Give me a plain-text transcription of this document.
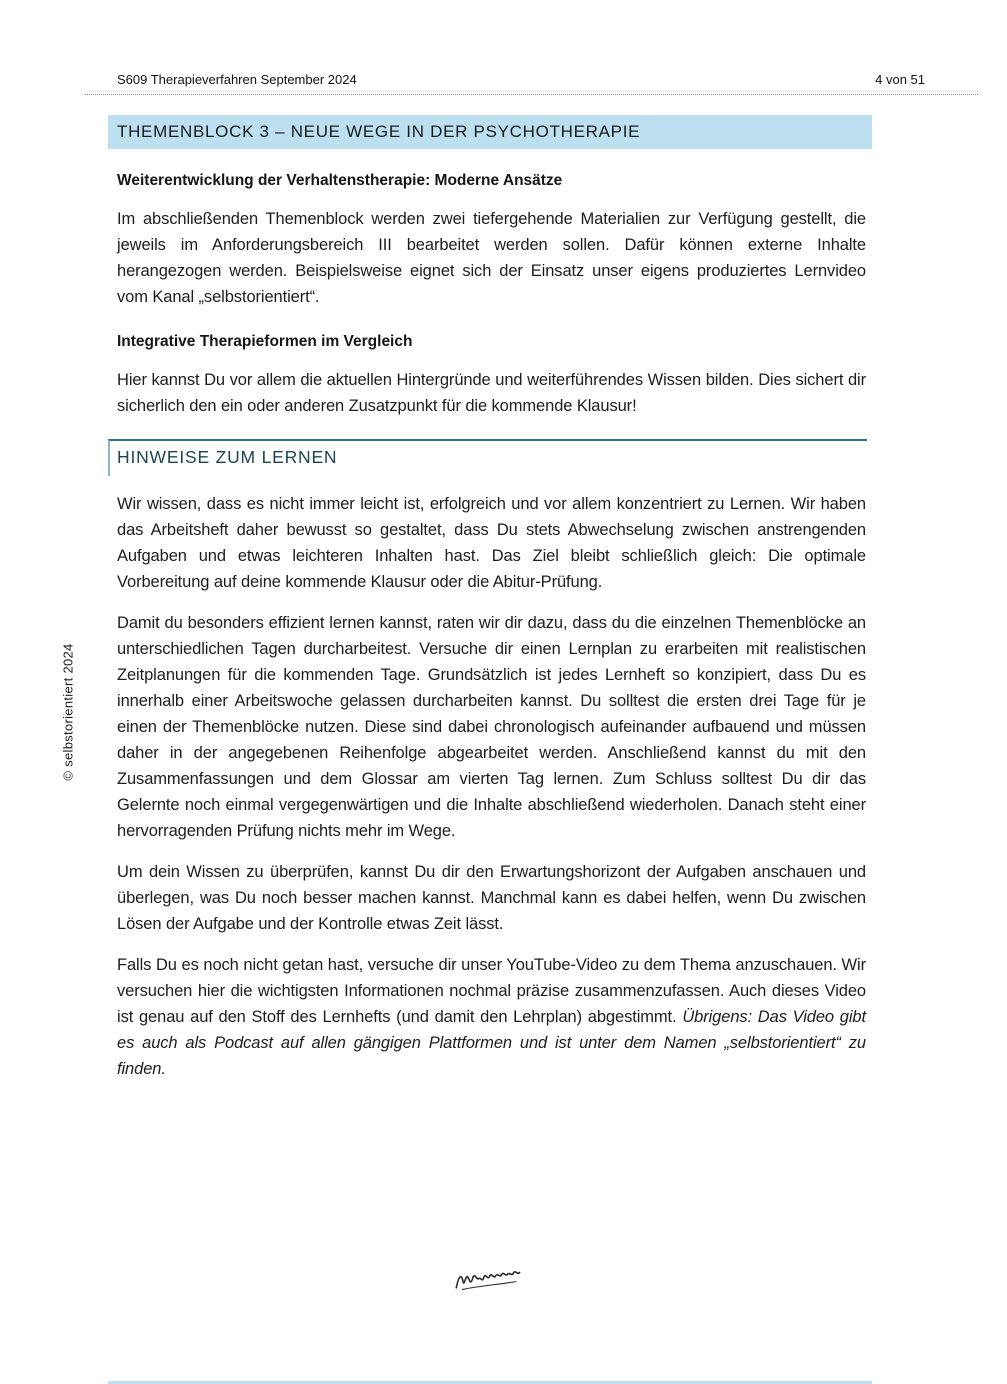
S609 Therapieverfahren September 2024	4 von 51
THEMENBLOCK 3 – NEUE WEGE IN DER PSYCHOTHERAPIE
Weiterentwicklung der Verhaltenstherapie: Moderne Ansätze

Im abschließenden Themenblock werden zwei tiefergehende Materialien zur Verfügung gestellt, die jeweils im Anforderungsbereich III bearbeitet werden sollen. Dafür können externe Inhalte herangezogen werden. Beispielsweise eignet sich der Einsatz unser eigens produziertes Lernvideo vom Kanal „selbstorientiert“.

Integrative Therapieformen im Vergleich

Hier kannst Du vor allem die aktuellen Hintergründe und weiterführendes Wissen bilden. Dies sichert dir sicherlich den ein oder anderen Zusatzpunkt für die kommende Klausur!

HINWEISE ZUM LERNEN

Wir wissen, dass es nicht immer leicht ist, erfolgreich und vor allem konzentriert zu Lernen. Wir haben das Arbeitsheft daher bewusst so gestaltet, dass Du stets Abwechselung zwischen anstrengenden Aufgaben und etwas leichteren Inhalten hast. Das Ziel bleibt schließlich gleich: Die optimale Vorbereitung auf deine kommende Klausur oder die Abitur-Prüfung.

Damit du besonders effizient lernen kannst, raten wir dir dazu, dass du die einzelnen Themenblöcke an unterschiedlichen Tagen durcharbeitest. Versuche dir einen Lernplan zu erarbeiten mit realistischen Zeitplanungen für die kommenden Tage. Grundsätzlich ist jedes Lernheft so konzipiert, dass Du es innerhalb einer Arbeitswoche gelassen durcharbeiten kannst. Du solltest die ersten drei Tage für je einen der Themenblöcke nutzen. Diese sind dabei chronologisch aufeinander aufbauend und müssen daher in der angegebenen Reihenfolge abgearbeitet werden. Anschließend kannst du mit den Zusammenfassungen und dem Glossar am vierten Tag lernen. Zum Schluss solltest Du dir das Gelernte noch einmal vergegenwärtigen und die Inhalte abschließend wiederholen. Danach steht einer hervorragenden Prüfung nichts mehr im Wege.

Um dein Wissen zu überprüfen, kannst Du dir den Erwartungshorizont der Aufgaben anschauen und überlegen, was Du noch besser machen kannst. Manchmal kann es dabei helfen, wenn Du zwischen Lösen der Aufgabe und der Kontrolle etwas Zeit lässt.

Falls Du es noch nicht getan hast, versuche dir unser YouTube-Video zu dem Thema anzuschauen. Wir versuchen hier die wichtigsten Informationen nochmal präzise zusammenzufassen. Auch dieses Video ist genau auf den Stoff des Lernhefts (und damit den Lehrplan) abgestimmt. Übrigens: Das Video gibt es auch als Podcast auf allen gängigen Plattformen und ist unter dem Namen „selbstorientiert“ zu finden.

© selbstorientiert 2024
